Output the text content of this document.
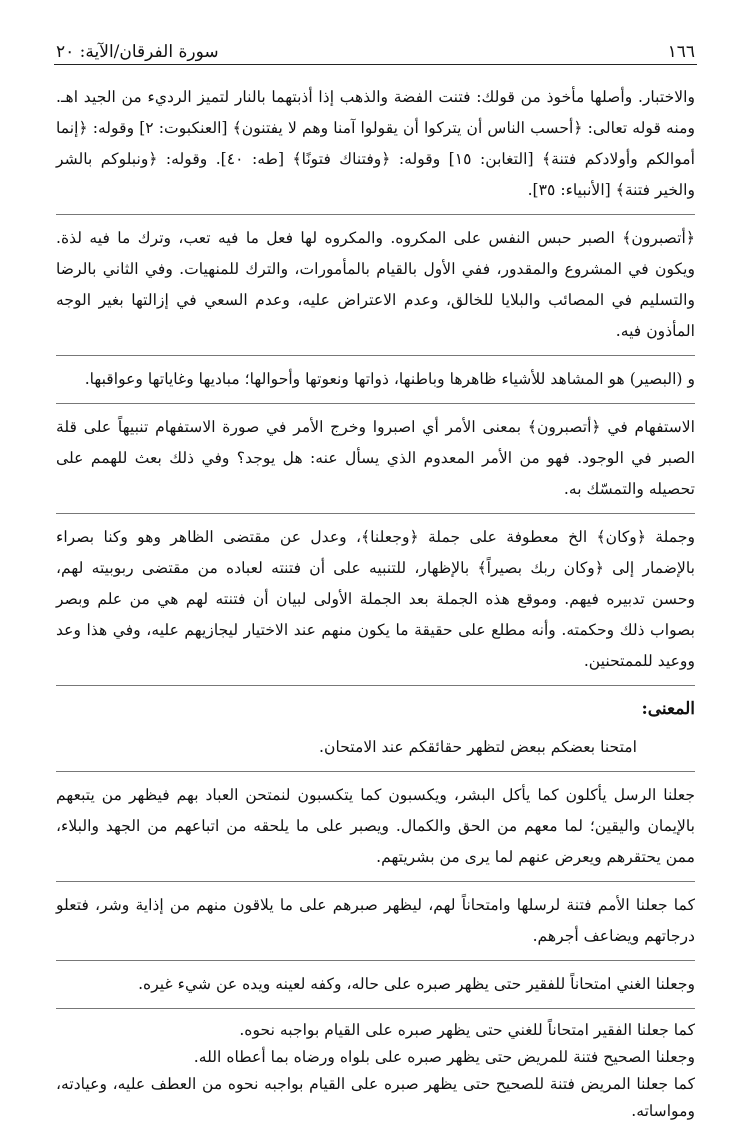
١٦٦
سورة الفرقان/الآية: ٢٠

والاختبار. وأصلها مأخوذ من قولك: فتنت الفضة والذهب إذا أذبتهما بالنار لتميز الرديء من الجيد اهـ. ومنه قوله تعالى: ﴿أحسب الناس أن يتركوا أن يقولوا آمنا وهم لا يفتنون﴾ [العنكبوت: ٢] وقوله: ﴿إنما أموالكم وأولادكم فتنة﴾ [التغابن: ١٥] وقوله: ﴿وفتناك فتونًا﴾ [طه: ٤٠]. وقوله: ﴿ونبلوكم بالشر والخير فتنة﴾ [الأنبياء: ٣٥].

﴿أتصبرون﴾ الصبر حبس النفس على المكروه. والمكروه لها فعل ما فيه تعب، وترك ما فيه لذة. ويكون في المشروع والمقدور، ففي الأول بالقيام بالمأمورات، والترك للمنهيات. وفي الثاني بالرضا والتسليم في المصائب والبلايا للخالق، وعدم الاعتراض عليه، وعدم السعي في إزالتها بغير الوجه المأذون فيه.

و (البصير) هو المشاهد للأشياء ظاهرها وباطنها، ذواتها ونعوتها وأحوالها؛ مباديها وغاياتها وعواقبها.

الاستفهام في ﴿أتصبرون﴾ بمعنى الأمر أي اصبروا وخرج الأمر في صورة الاستفهام تنبيهاً على قلة الصبر في الوجود. فهو من الأمر المعدوم الذي يسأل عنه: هل يوجد؟ وفي ذلك بعث للهمم على تحصيله والتمسّك به.

وجملة ﴿وكان﴾ الخ معطوفة على جملة ﴿وجعلنا﴾، وعدل عن مقتضى الظاهر وهو وكنا بصراء بالإضمار إلى ﴿وكان ربك بصيراً﴾ بالإظهار، للتنبيه على أن فتنته لعباده من مقتضى ربوبيته لهم، وحسن تدبيره فيهم. وموقع هذه الجملة بعد الجملة الأولى لبيان أن فتنته لهم هي من علم وبصر بصواب ذلك وحكمته. وأنه مطلع على حقيقة ما يكون منهم عند الاختيار ليجازيهم عليه، وفي هذا وعد ووعيد للممتحنين.

المعنى:

امتحنا بعضكم ببعض لتظهر حقائقكم عند الامتحان.

جعلنا الرسل يأكلون كما يأكل البشر، ويكسبون كما يتكسبون لنمتحن العباد بهم فيظهر من يتبعهم بالإيمان واليقين؛ لما معهم من الحق والكمال. ويصبر على ما يلحقه من اتباعهم من الجهد والبلاء، ممن يحتقرهم ويعرض عنهم لما يرى من بشريتهم.

كما جعلنا الأمم فتنة لرسلها وامتحاناً لهم، ليظهر صبرهم على ما يلاقون منهم من إذاية وشر، فتعلو درجاتهم ويضاعف أجرهم.

وجعلنا الغني امتحاناً للفقير حتى يظهر صبره على حاله، وكفه لعينه ويده عن شيء غيره.

كما جعلنا الفقير امتحاناً للغني حتى يظهر صبره على القيام بواجبه نحوه.

وجعلنا الصحيح فتنة للمريض حتى يظهر صبره على بلواه ورضاه بما أعطاه الله.

كما جعلنا المريض فتنة للصحيح حتى يظهر صبره على القيام بواجبه نحوه من العطف عليه، وعيادته، ومواساته.
